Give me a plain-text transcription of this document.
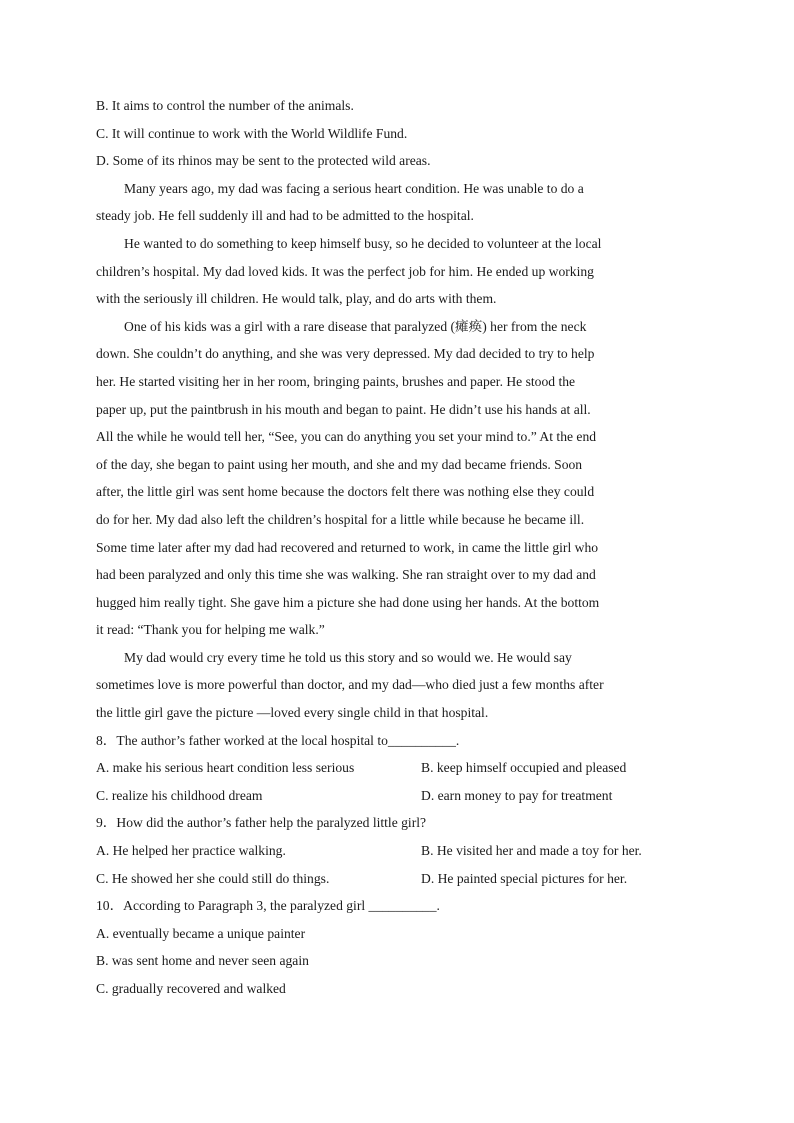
B. It aims to control the number of the animals.
C. It will continue to work with the World Wildlife Fund.
D. Some of its rhinos may be sent to the protected wild areas.
Many years ago, my dad was facing a serious heart condition. He was unable to do a
steady job. He fell suddenly ill and had to be admitted to the hospital.
He wanted to do something to keep himself busy, so he decided to volunteer at the local
children’s hospital. My dad loved kids. It was the perfect job for him. He ended up working
with the seriously ill children. He would talk, play, and do arts with them.
One of his kids was a girl with a rare disease that paralyzed (瘫痪) her from the neck
down. She couldn’t do anything, and she was very depressed. My dad decided to try to help
her. He started visiting her in her room, bringing paints, brushes and paper. He stood the
paper up, put the paintbrush in his mouth and began to paint. He didn’t use his hands at all.
All the while he would tell her, “See, you can do anything you set your mind to.” At the end
of the day, she began to paint using her mouth, and she and my dad became friends. Soon
after, the little girl was sent home because the doctors felt there was nothing else they could
do for her. My dad also left the children’s hospital for a little while because he became ill.
Some time later after my dad had recovered and returned to work, in came the little girl who
had been paralyzed and only this time she was walking. She ran straight over to my dad and
hugged him really tight. She gave him a picture she had done using her hands. At the bottom
it read: “Thank you for helping me walk.”
My dad would cry every time he told us this story and so would we. He would say
sometimes love is more powerful than doctor, and my dad—who died just a few months after
the little girl gave the picture —loved every single child in that hospital.
8．The author’s father worked at the local hospital to__________.
A. make his serious heart condition less serious	B. keep himself occupied and pleased
C. realize his childhood dream	D. earn money to pay for treatment
9．How did the author’s father help the paralyzed little girl?
A. He helped her practice walking.	B. He visited her and made a toy for her.
C. He showed her she could still do things.	D. He painted special pictures for her.
10．According to Paragraph 3, the paralyzed girl __________.
A. eventually became a unique painter
B. was sent home and never seen again
C. gradually recovered and walked
